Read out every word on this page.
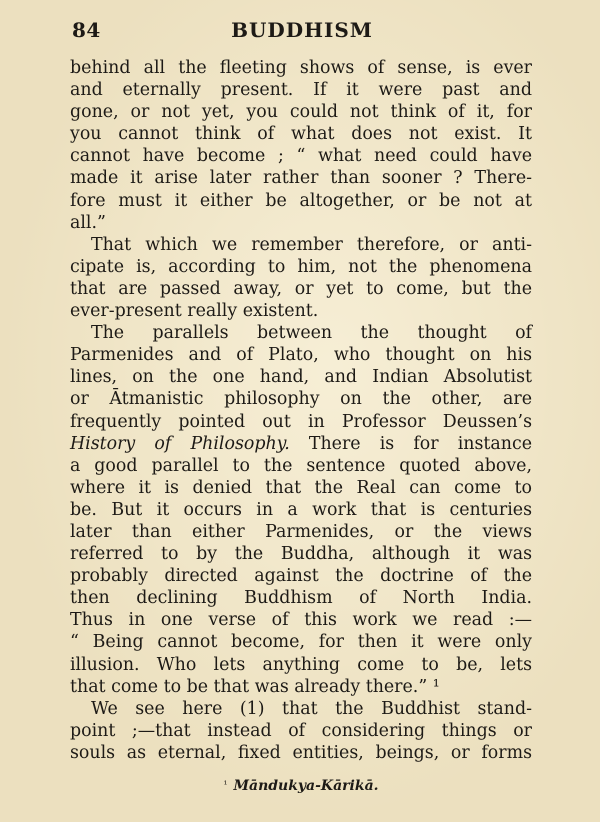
84	BUDDHISM
behind all the fleeting shows of sense, is ever
and eternally present. If it were past and
gone, or not yet, you could not think of it, for
you cannot think of what does not exist. It
cannot have become ; “ what need could have
made it arise later rather than sooner ? There-
fore must it either be altogether, or be not at
all.”
That which we remember therefore, or anti-
cipate is, according to him, not the phenomena
that are passed away, or yet to come, but the
ever-present really existent.
The parallels between the thought of
Parmenides and of Plato, who thought on his
lines, on the one hand, and Indian Absolutist
or Ātmanistic philosophy on the other, are
frequently pointed out in Professor Deussen’s
History of Philosophy. There is for instance
a good parallel to the sentence quoted above,
where it is denied that the Real can come to
be. But it occurs in a work that is centuries
later than either Parmenides, or the views
referred to by the Buddha, although it was
probably directed against the doctrine of the
then declining Buddhism of North India.
Thus in one verse of this work we read :—
“ Being cannot become, for then it were only
illusion. Who lets anything come to be, lets
that come to be that was already there.” ¹
We see here (1) that the Buddhist stand-
point ;—that instead of considering things or
souls as eternal, fixed entities, beings, or forms
$^{^1}$ Māndukya-Kārikā.
